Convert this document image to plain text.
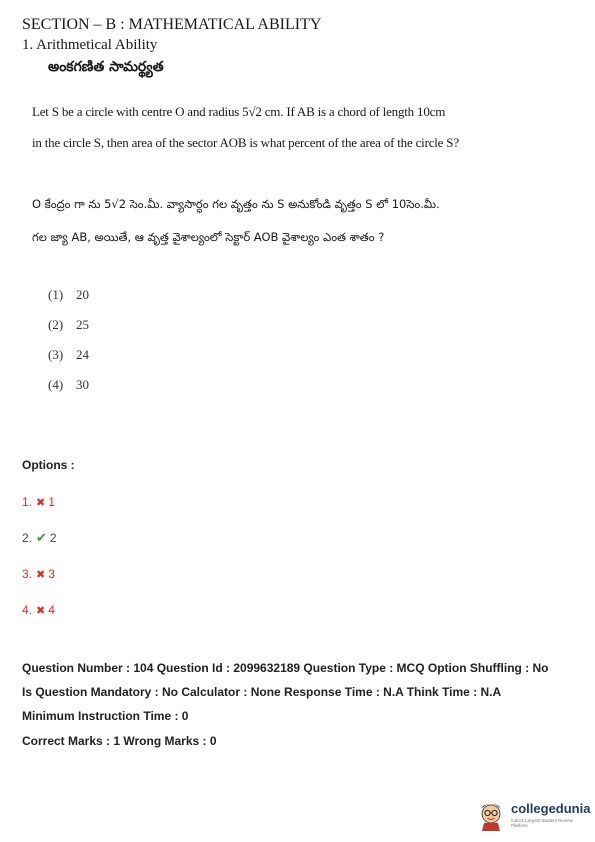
SECTION – B : MATHEMATICAL ABILITY
1. Arithmetical Ability
అంకగణిత సామర్థ్యత
Let S be a circle with centre O and radius 5√2 cm. If AB is a chord of length 10cm
in the circle S, then area of the sector AOB is what percent of the area of the circle S?
O కేంద్రం గా ను 5√2 సెం.మీ. వ్యాసార్ధం గల వృత్తం ను S అనుకోండి వృత్తం S లో 10సెం.మీ.
గల జ్యా AB, అయితే, ఆ వృత్త వైశాల్యంలో సెక్టార్ AOB వైశాల్యం ఎంత శాతం ?
(1) 20
(2) 25
(3) 24
(4) 30
Options :
1. ✖ 1
2. ✔ 2
3. ✖ 3
4. ✖ 4
Question Number : 104 Question Id : 2099632189 Question Type : MCQ Option Shuffling : No
Is Question Mandatory : No Calculator : None Response Time : N.A Think Time : N.A
Minimum Instruction Time : 0
Correct Marks : 1 Wrong Marks : 0
collegedunia
India's Largest Student Review Platform
